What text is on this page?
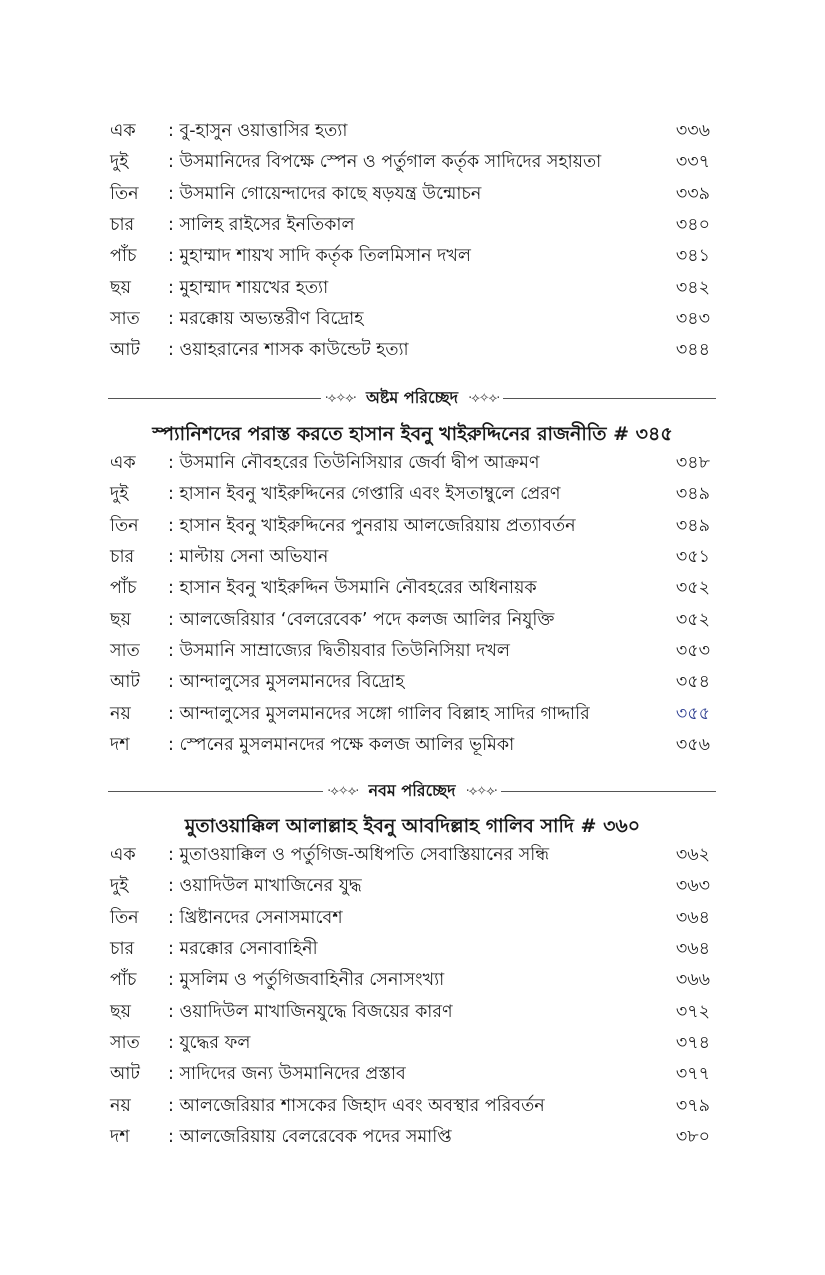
এক	: বু-হাসুন ওয়াত্তাসির হত্যা	৩৩৬
দুই	: উসমানিদের বিপক্ষে স্পেন ও পর্তুগাল কর্তৃক সাদিদের সহায়তা	৩৩৭
তিন	: উসমানি গোয়েন্দাদের কাছে ষড়যন্ত্র উন্মোচন	৩৩৯
চার	: সালিহ রাইসের ইনতিকাল	৩৪০
পাঁচ	: মুহাম্মাদ শায়খ সাদি কর্তৃক তিলমিসান দখল	৩৪১
ছয়	: মুহাম্মাদ শায়খের হত্যা	৩৪২
সাত	: মরক্কোয় অভ্যন্তরীণ বিদ্রোহ	৩৪৩
আট	: ওয়াহরানের শাসক কাউন্ডেট হত্যা	৩৪৪
·⟡✧⟡· অষ্টম পরিচ্ছেদ ·⟡✧⟡·
স্প্যানিশদের পরাস্ত করতে হাসান ইবনু খাইরুদ্দিনের রাজনীতি # ৩৪৫
এক	: উসমানি নৌবহরের তিউনিসিয়ার জের্বা দ্বীপ আক্রমণ	৩৪৮
দুই	: হাসান ইবনু খাইরুদ্দিনের গেপ্তারি এবং ইসতাম্বুলে প্রেরণ	৩৪৯
তিন	: হাসান ইবনু খাইরুদ্দিনের পুনরায় আলজেরিয়ায় প্রত্যাবর্তন	৩৪৯
চার	: মাল্টায় সেনা অভিযান	৩৫১
পাঁচ	: হাসান ইবনু খাইরুদ্দিন উসমানি নৌবহরের অধিনায়ক	৩৫২
ছয়	: আলজেরিয়ার ‘বেলরেবেক’ পদে কলজ আলির নিযুক্তি	৩৫২
সাত	: উসমানি সাম্রাজ্যের দ্বিতীয়বার তিউনিসিয়া দখল	৩৫৩
আট	: আন্দালুসের মুসলমানদের বিদ্রোহ	৩৫৪
নয়	: আন্দালুসের মুসলমানদের সঙ্গো গালিব বিল্লাহ সাদির গাদ্দারি	৩৫৫
দশ	: স্পেনের মুসলমানদের পক্ষে কলজ আলির ভূমিকা	৩৫৬
·⟡✧⟡· নবম পরিচ্ছেদ ·⟡✧⟡·
মুতাওয়াক্কিল আলাল্লাহ ইবনু আবদিল্লাহ গালিব সাদি # ৩৬০
এক	: মুতাওয়াক্কিল ও পর্তুগিজ-অধিপতি সেবাস্তিয়ানের সন্ধি	৩৬২
দুই	: ওয়াদিউল মাখাজিনের যুদ্ধ	৩৬৩
তিন	: খ্রিষ্টানদের সেনাসমাবেশ	৩৬৪
চার	: মরক্কোর সেনাবাহিনী	৩৬৪
পাঁচ	: মুসলিম ও পর্তুগিজবাহিনীর সেনাসংখ্যা	৩৬৬
ছয়	: ওয়াদিউল মাখাজিনযুদ্ধে বিজয়ের কারণ	৩৭২
সাত	: যুদ্ধের ফল	৩৭৪
আট	: সাদিদের জন্য উসমানিদের প্রস্তাব	৩৭৭
নয়	: আলজেরিয়ার শাসকের জিহাদ এবং অবস্থার পরিবর্তন	৩৭৯
দশ	: আলজেরিয়ায় বেলরেবেক পদের সমাপ্তি	৩৮০
